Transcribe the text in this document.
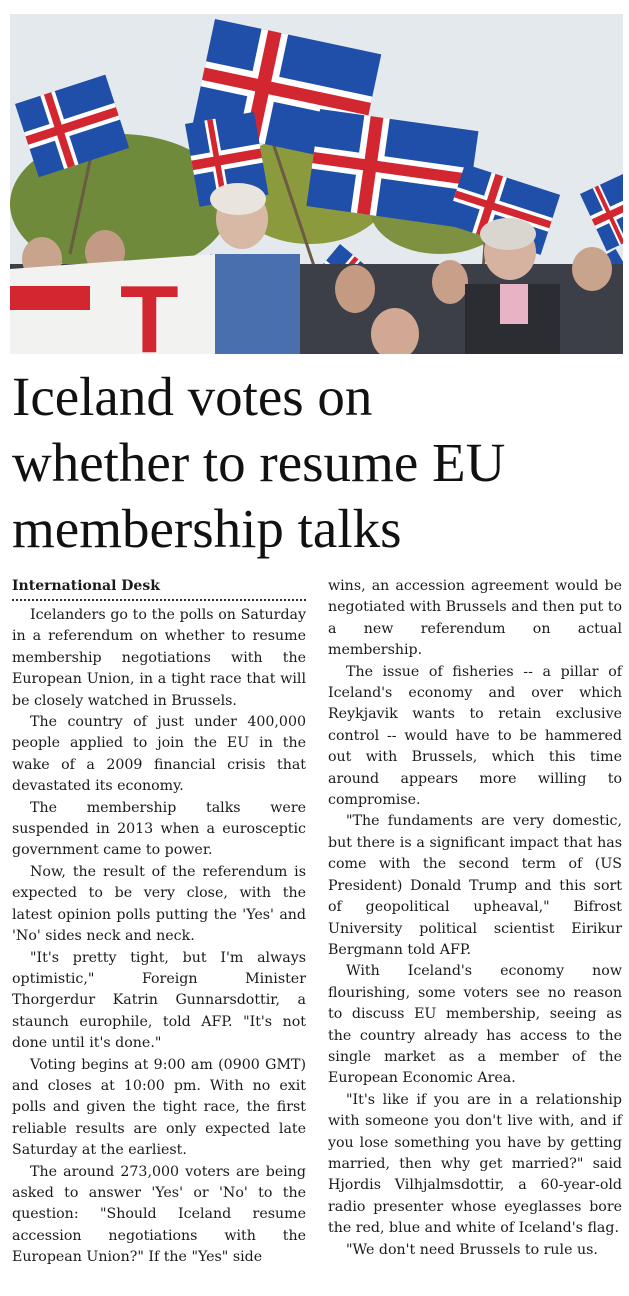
T
Iceland votes on
whether to resume EU
membership talks
International Desk

Icelanders go to the polls on Saturday in a referendum on whether to resume membership negotiations with the European Union, in a tight race that will be closely watched in Brussels.

The country of just under 400,000 people applied to join the EU in the wake of a 2009 financial crisis that devastated its economy.

The membership talks were suspended in 2013 when a eurosceptic government came to power.

Now, the result of the referendum is expected to be very close, with the latest opinion polls putting the 'Yes' and 'No' sides neck and neck.

"It's pretty tight, but I'm always optimistic," Foreign Minister Thorgerdur Katrin Gunnarsdottir, a staunch europhile, told AFP. "It's not done until it's done."

Voting begins at 9:00 am (0900 GMT) and closes at 10:00 pm. With no exit polls and given the tight race, the first reliable results are only expected late Saturday at the earliest.

The around 273,000 voters are being asked to answer 'Yes' or 'No' to the question: "Should Iceland resume accession negotiations with the European Union?" If the "Yes" side

wins, an accession agreement would be negotiated with Brussels and then put to a new referendum on actual membership.

The issue of fisheries -- a pillar of Iceland's economy and over which Reykjavik wants to retain exclusive control -- would have to be hammered out with Brussels, which this time around appears more willing to compromise.

"The fundaments are very domestic, but there is a significant impact that has come with the second term of (US President) Donald Trump and this sort of geopolitical upheaval," Bifrost University political scientist Eirikur Bergmann told AFP.

With Iceland's economy now flourishing, some voters see no reason to discuss EU membership, seeing as the country already has access to the single market as a member of the European Economic Area.

"It's like if you are in a relationship with someone you don't live with, and if you lose something you have by getting married, then why get married?" said Hjordis Vilhjalmsdottir, a 60-year-old radio presenter whose eyeglasses bore the red, blue and white of Iceland's flag.

"We don't need Brussels to rule us.
